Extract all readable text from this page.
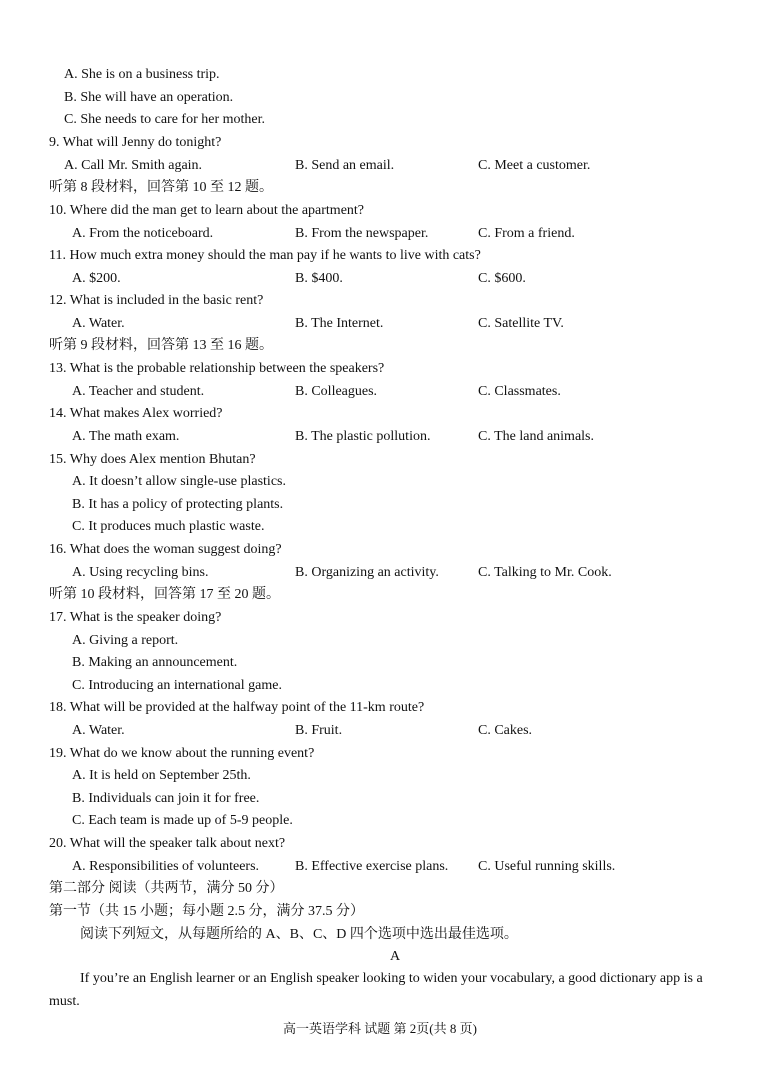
A. She is on a business trip.
B. She will have an operation.
C. She needs to care for her mother.
9. What will Jenny do tonight?
A. Call Mr. Smith again.	B. Send an email.	C. Meet a customer.
听第 8 段材料，回答第 10 至 12 题。
10. Where did the man get to learn about the apartment?
A. From the noticeboard.	B. From the newspaper.	C. From a friend.
11. How much extra money should the man pay if he wants to live with cats?
A. $200.	B. $400.	C. $600.
12. What is included in the basic rent?
A. Water.	B. The Internet.	C. Satellite TV.
听第 9 段材料，回答第 13 至 16 题。
13. What is the probable relationship between the speakers?
A. Teacher and student.	B. Colleagues.	C. Classmates.
14. What makes Alex worried?
A. The math exam.	B. The plastic pollution.	C. The land animals.
15. Why does Alex mention Bhutan?
A. It doesn’t allow single-use plastics.
B. It has a policy of protecting plants.
C. It produces much plastic waste.
16. What does the woman suggest doing?
A. Using recycling bins.	B. Organizing an activity.	C. Talking to Mr. Cook.
听第 10 段材料，回答第 17 至 20 题。
17. What is the speaker doing?
A. Giving a report.
B. Making an announcement.
C. Introducing an international game.
18. What will be provided at the halfway point of the 11-km route?
A. Water.	B. Fruit.	C. Cakes.
19. What do we know about the running event?
A. It is held on September 25th.
B. Individuals can join it for free.
C. Each team is made up of 5-9 people.
20. What will the speaker talk about next?
A. Responsibilities of volunteers.	B. Effective exercise plans. C. Useful running skills.
第二部分 阅读（共两节，满分 50 分）
第一节（共 15 小题；每小题 2.5 分，满分 37.5 分）
阅读下列短文，从每题所给的 A、B、C、D 四个选项中选出最佳选项。
A
If you’re an English learner or an English speaker looking to widen your vocabulary, a good dictionary app is a must.
高一英语学科 试题 第 2页(共 8 页)
